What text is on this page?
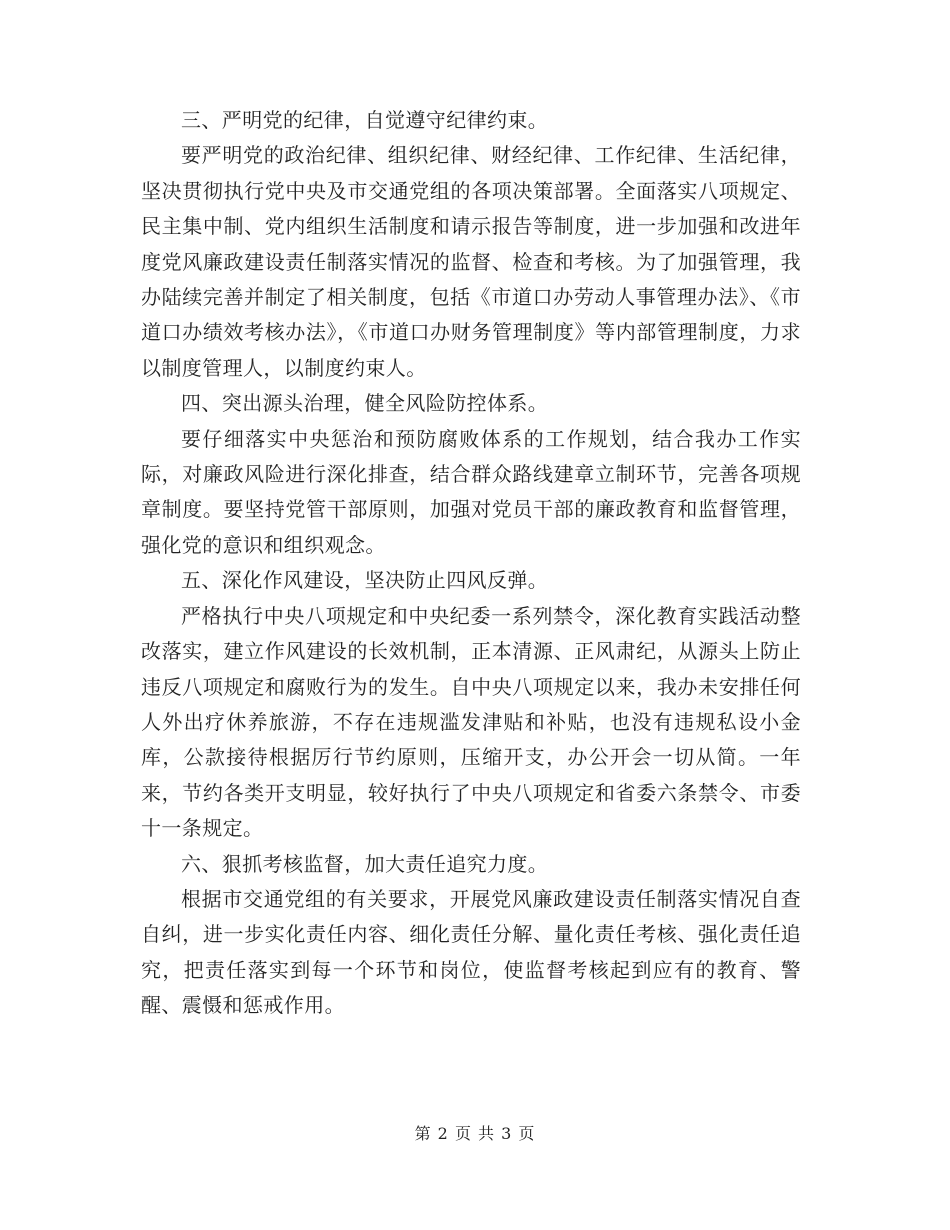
三、严明党的纪律，自觉遵守纪律约束。

要严明党的政治纪律、组织纪律、财经纪律、工作纪律、生活纪律，坚决贯彻执行党中央及市交通党组的各项决策部署。全面落实八项规定、民主集中制、党内组织生活制度和请示报告等制度，进一步加强和改进年度党风廉政建设责任制落实情况的监督、检查和考核。为了加强管理，我办陆续完善并制定了相关制度，包括《市道口办劳动人事管理办法》、《市道口办绩效考核办法》，《市道口办财务管理制度》等内部管理制度，力求以制度管理人，以制度约束人。

四、突出源头治理，健全风险防控体系。

要仔细落实中央惩治和预防腐败体系的工作规划，结合我办工作实际，对廉政风险进行深化排查，结合群众路线建章立制环节，完善各项规章制度。要坚持党管干部原则，加强对党员干部的廉政教育和监督管理，强化党的意识和组织观念。

五、深化作风建设，坚决防止四风反弹。

严格执行中央八项规定和中央纪委一系列禁令，深化教育实践活动整改落实，建立作风建设的长效机制，正本清源、正风肃纪，从源头上防止违反八项规定和腐败行为的发生。自中央八项规定以来，我办未安排任何人外出疗休养旅游，不存在违规滥发津贴和补贴，也没有违规私设小金库，公款接待根据厉行节约原则，压缩开支，办公开会一切从简。一年来，节约各类开支明显，较好执行了中央八项规定和省委六条禁令、市委十一条规定。

六、狠抓考核监督，加大责任追究力度。

根据市交通党组的有关要求，开展党风廉政建设责任制落实情况自查自纠，进一步实化责任内容、细化责任分解、量化责任考核、强化责任追究，把责任落实到每一个环节和岗位，使监督考核起到应有的教育、警醒、震慑和惩戒作用。

第 2 页 共 3 页
